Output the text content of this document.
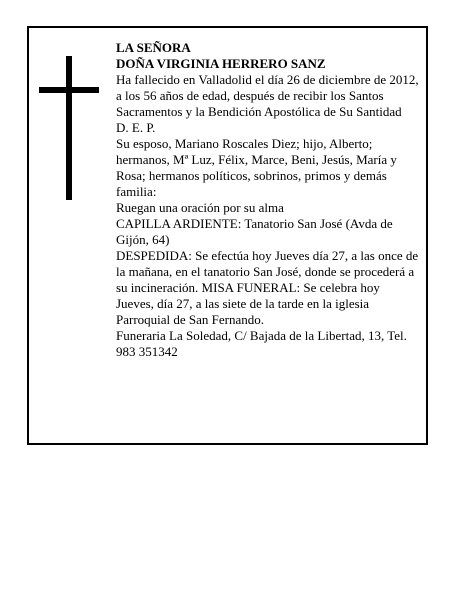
LA SEÑORA

DOÑA VIRGINIA HERRERO SANZ

Ha fallecido en Valladolid el día 26 de diciembre de 2012, a los 56 años de edad, después de recibir los Santos Sacramentos y la Bendición Apostólica de Su Santidad

D. E. P.

Su esposo, Mariano Roscales Diez; hijo, Alberto; hermanos, Mª Luz, Félix, Marce, Beni, Jesús, María y Rosa; hermanos políticos, sobrinos, primos y demás familia:

Ruegan una oración por su alma

CAPILLA ARDIENTE: Tanatorio San José (Avda de Gijón, 64)

DESPEDIDA: Se efectúa hoy Jueves día 27, a las once de la mañana, en el tanatorio San José, donde se procederá a su incineración. MISA FUNERAL: Se celebra hoy Jueves, día 27, a las siete de la tarde en la iglesia Parroquial de San Fernando.

Funeraria La Soledad, C/ Bajada de la Libertad, 13, Tel. 983 351342
